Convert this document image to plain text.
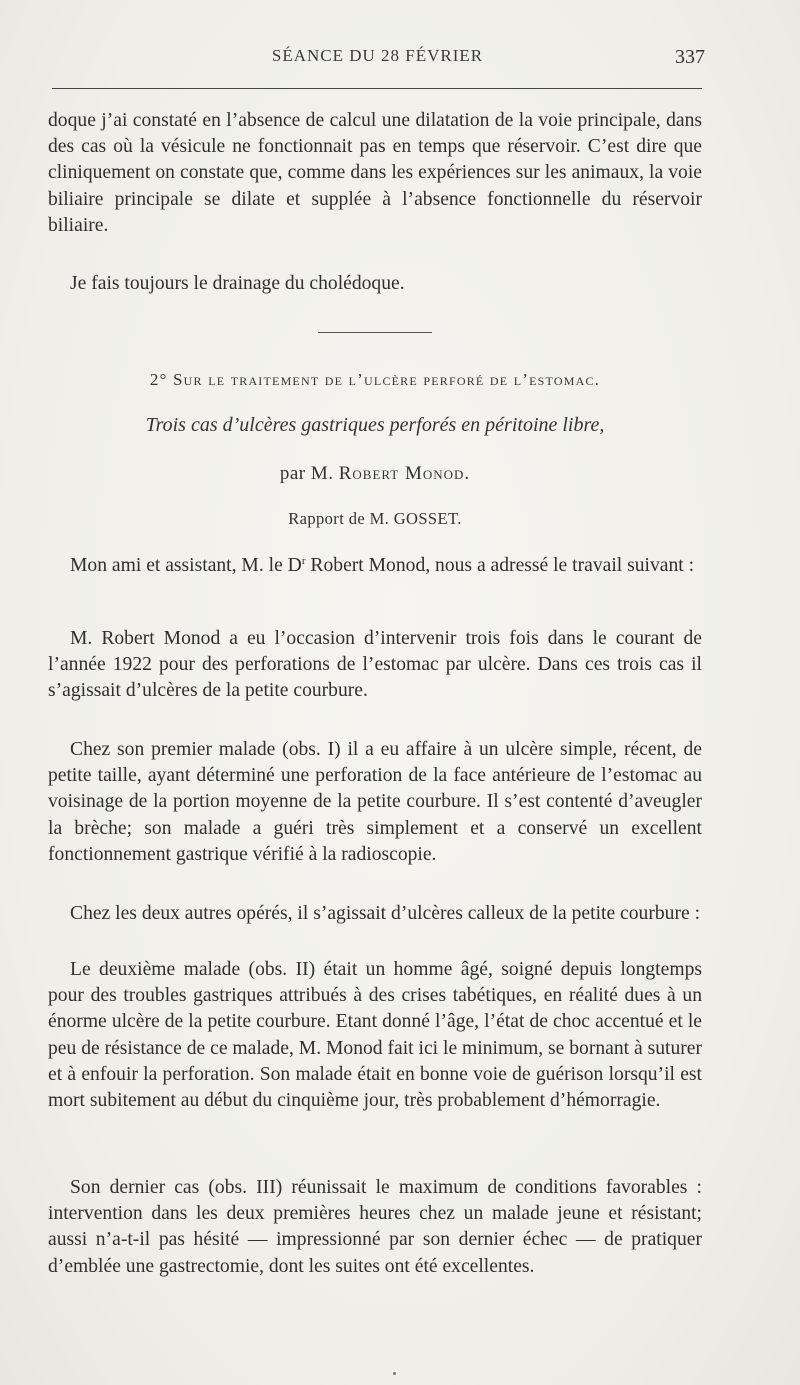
SÉANCE DU 28 FÉVRIER	337
doque j’ai constaté en l’absence de calcul une dilatation de la voie principale, dans des cas où la vésicule ne fonctionnait pas en temps que réservoir. C’est dire que cliniquement on constate que, comme dans les expériences sur les animaux, la voie biliaire principale se dilate et supplée à l’absence fonctionnelle du réservoir biliaire.
Je fais toujours le drainage du cholédoque.
2° Sur le traitement de l’ulcère perforé de l’estomac.
Trois cas d’ulcères gastriques perforés en péritoine libre,
par M. Robert Monod.
Rapport de M. GOSSET.
Mon ami et assistant, M. le $D^r$ Robert Monod, nous a adressé le travail suivant :
M. Robert Monod a eu l’occasion d’intervenir trois fois dans le courant de l’année 1922 pour des perforations de l’estomac par ulcère. Dans ces trois cas il s’agissait d’ulcères de la petite courbure.
Chez son premier malade (obs. I) il a eu affaire à un ulcère simple, récent, de petite taille, ayant déterminé une perforation de la face antérieure de l’estomac au voisinage de la portion moyenne de la petite courbure. Il s’est contenté d’aveugler la brèche; son malade a guéri très simplement et a conservé un excellent fonctionnement gastrique vérifié à la radioscopie.
Chez les deux autres opérés, il s’agissait d’ulcères calleux de la petite courbure :
Le deuxième malade (obs. II) était un homme âgé, soigné depuis longtemps pour des troubles gastriques attribués à des crises tabétiques, en réalité dues à un énorme ulcère de la petite courbure. Etant donné l’âge, l’état de choc accentué et le peu de résistance de ce malade, M. Monod fait ici le minimum, se bornant à suturer et à enfouir la perforation. Son malade était en bonne voie de guérison lorsqu’il est mort subitement au début du cinquième jour, très probablement d’hémorragie.
Son dernier cas (obs. III) réunissait le maximum de conditions favorables : intervention dans les deux premières heures chez un malade jeune et résistant; aussi n’a-t-il pas hésité — impressionné par son dernier échec — de pratiquer d’emblée une gastrectomie, dont les suites ont été excellentes.
